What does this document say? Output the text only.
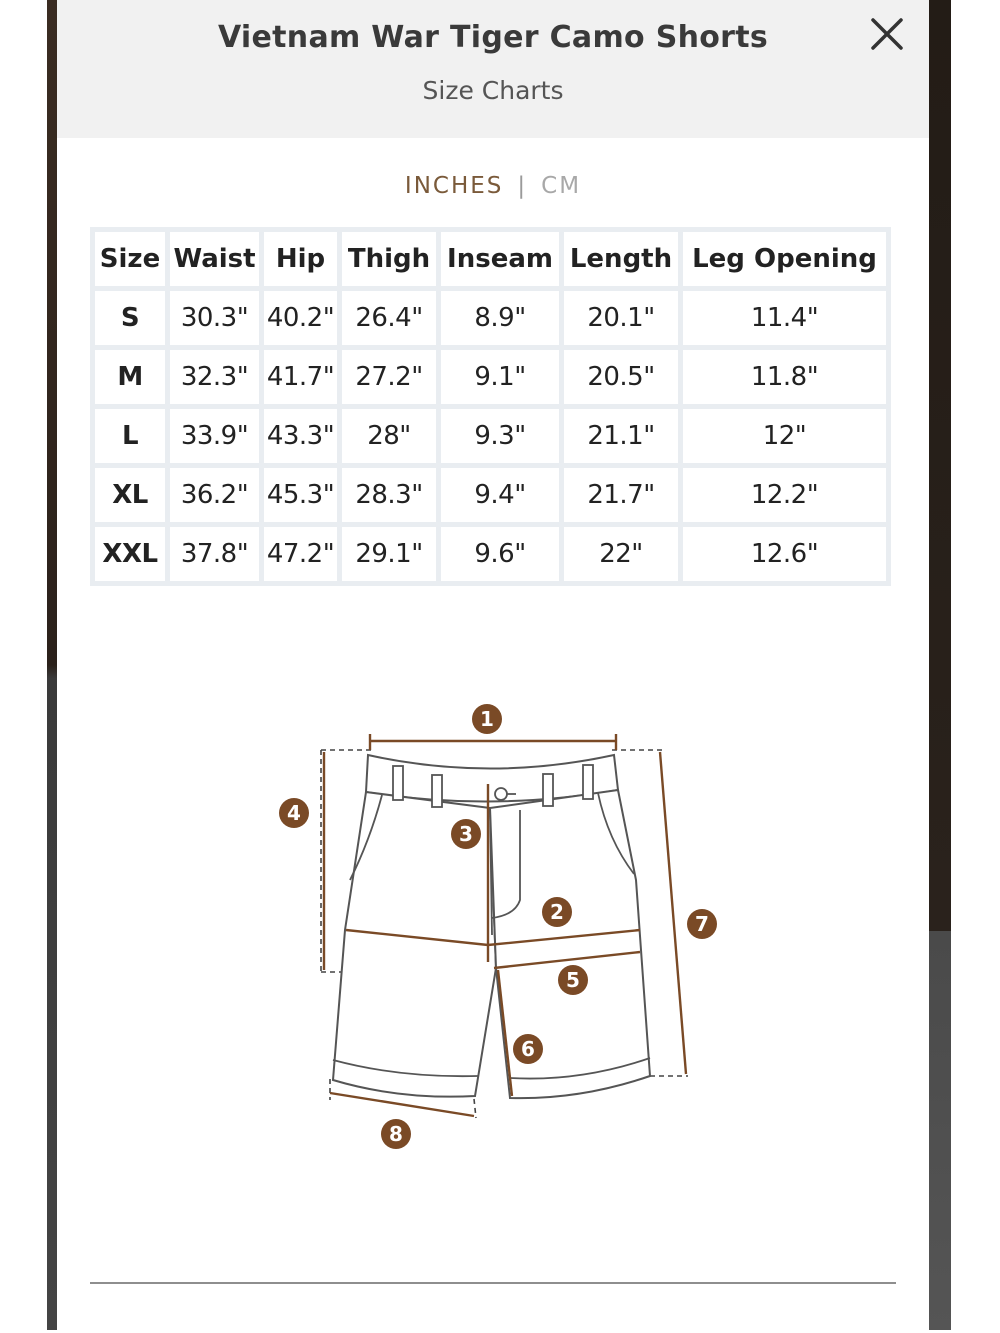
Vietnam War Tiger Camo Shorts
Size Charts
INCHES | CM
Size	Waist	Hip	Thigh	Inseam	Length	Leg Opening
S	30.3"	40.2"	26.4"	8.9"	20.1"	11.4"
M	32.3"	41.7"	27.2"	9.1"	20.5"	11.8"
L	33.9"	43.3"	28"	9.3"	21.1"	12"
XL	36.2"	45.3"	28.3"	9.4"	21.7"	12.2"
XXL	37.8"	47.2"	29.1"	9.6"	22"	12.6"
1
2
3
4
5
6
7
8
